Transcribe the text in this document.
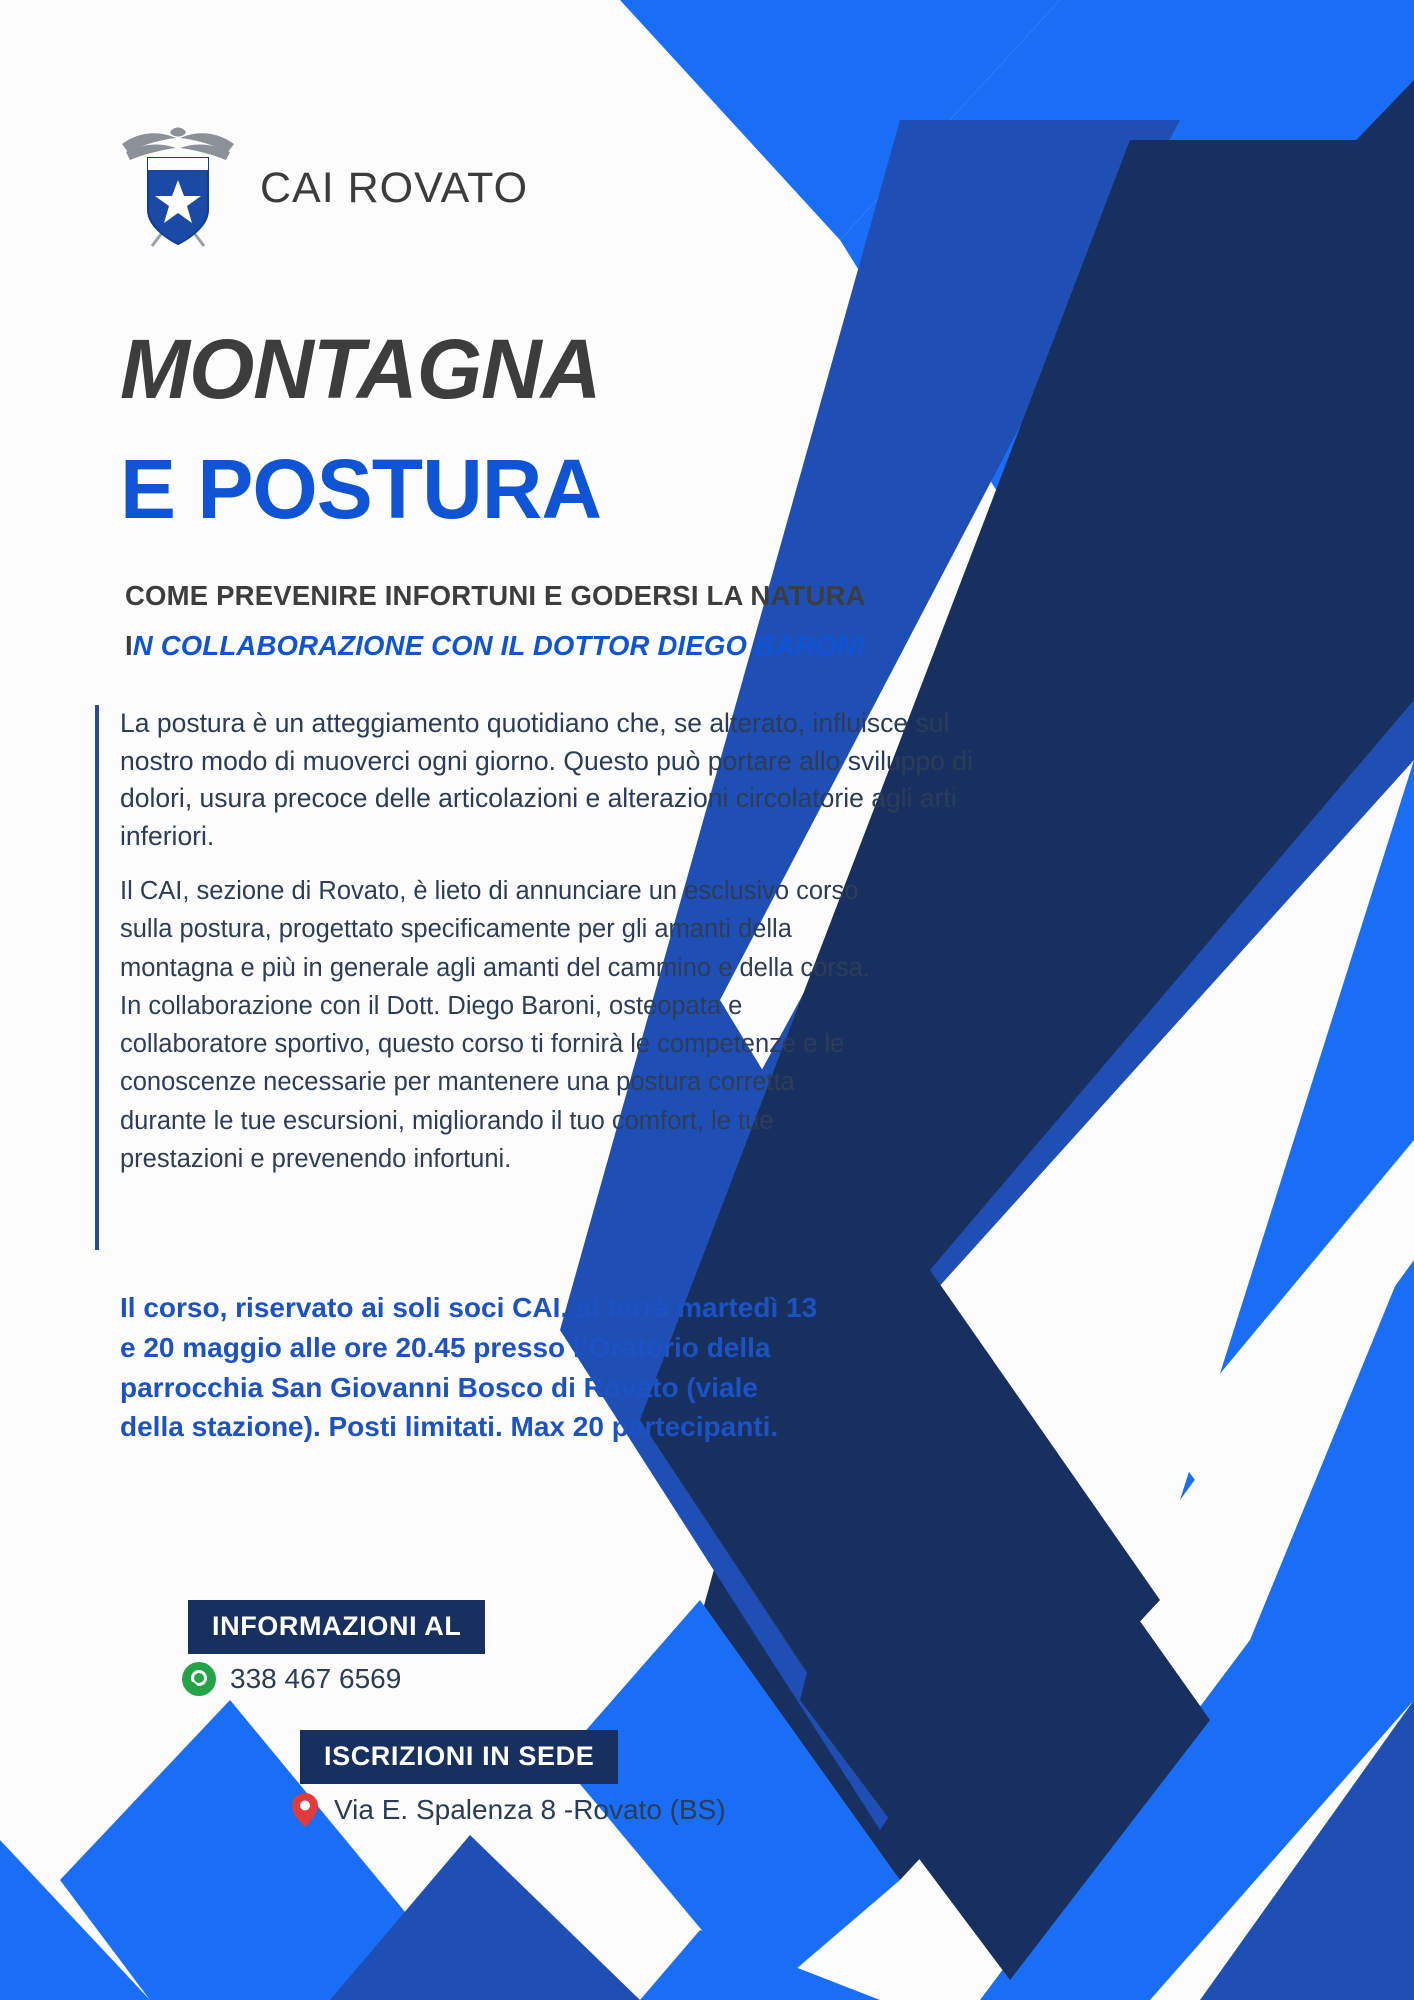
CAI ROVATO
MONTAGNA
E POSTURA
COME PREVENIRE INFORTUNI E GODERSI LA NATURA
IN COLLABORAZIONE CON IL DOTTOR DIEGO BARONI
La postura è un atteggiamento quotidiano che, se alterato, influisce sul nostro modo di muoverci ogni giorno. Questo può portare allo sviluppo di dolori, usura precoce delle articolazioni e alterazioni circolatorie agli arti inferiori.
Il CAI, sezione di Rovato, è lieto di annunciare un esclusivo corso sulla postura, progettato specificamente per gli amanti della montagna e più in generale agli amanti del cammino e della corsa. In collaborazione con il Dott. Diego Baroni, osteopata e collaboratore sportivo, questo corso ti fornirà le competenze e le conoscenze necessarie per mantenere una postura corretta durante le tue escursioni, migliorando il tuo comfort, le tue prestazioni e prevenendo infortuni.
Il corso, riservato ai soli soci CAI, si terrà martedì 13 e 20 maggio alle ore 20.45 presso l’Oratorio della parrocchia San Giovanni Bosco di Rovato (viale della stazione). Posti limitati. Max 20 partecipanti.
INFORMAZIONI AL
338 467 6569
ISCRIZIONI IN SEDE
Via E. Spalenza 8 -Rovato (BS)
